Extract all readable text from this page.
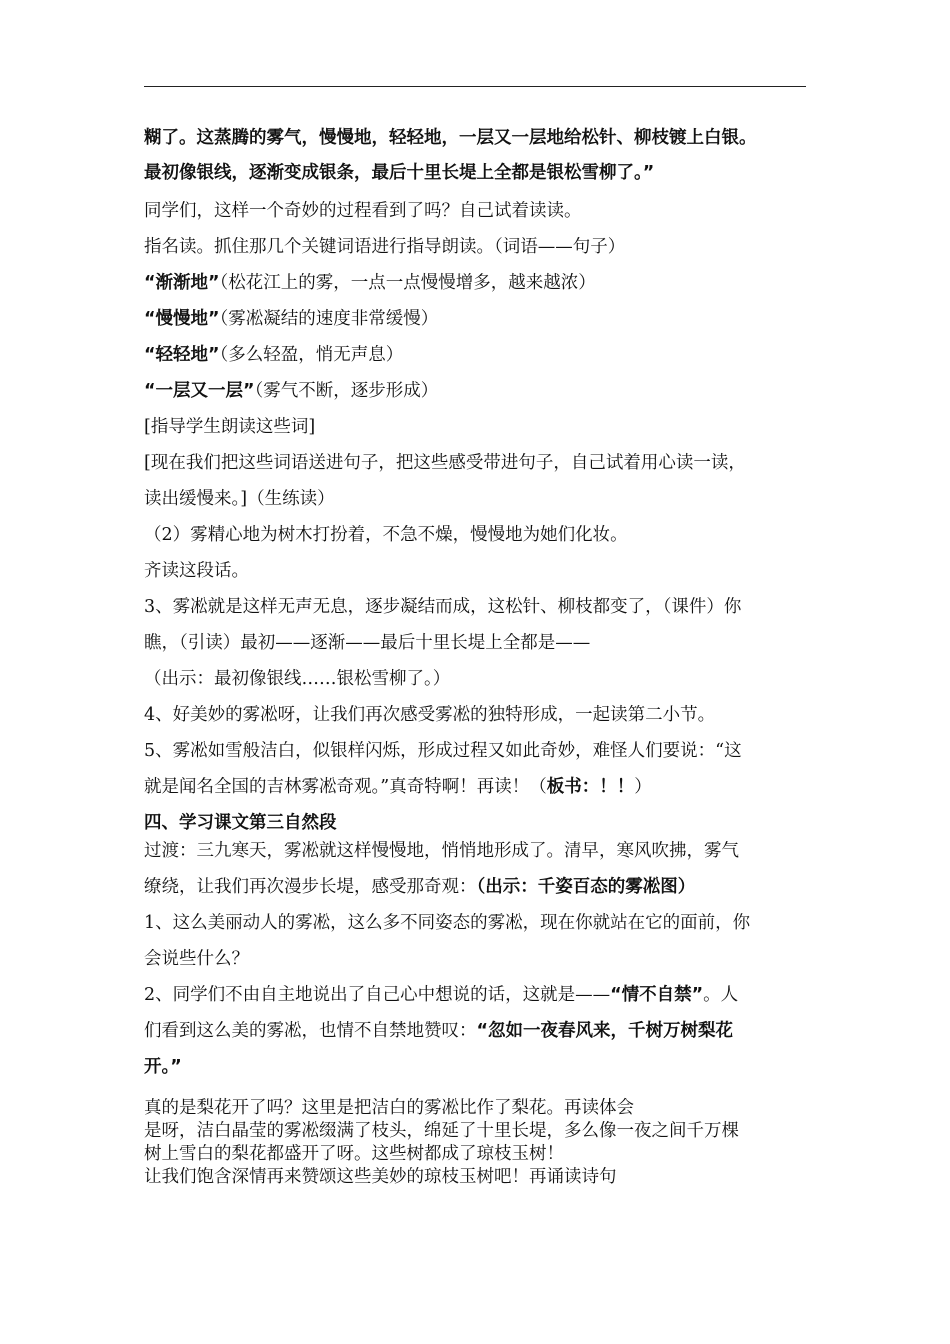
糊了。这蒸腾的雾气，慢慢地，轻轻地，一层又一层地给松针、柳枝镀上白银。
最初像银线，逐渐变成银条，最后十里长堤上全都是银松雪柳了。”
同学们，这样一个奇妙的过程看到了吗？自己试着读读。
指名读。抓住那几个关键词语进行指导朗读。（词语——句子）
“渐渐地”（松花江上的雾，一点一点慢慢增多，越来越浓）
“慢慢地”（雾凇凝结的速度非常缓慢）
“轻轻地”（多么轻盈，悄无声息）
“一层又一层”（雾气不断，逐步形成）
[指导学生朗读这些词]
[现在我们把这些词语送进句子，把这些感受带进句子，自己试着用心读一读，
读出缓慢来。]（生练读）
（2）雾精心地为树木打扮着，不急不燥，慢慢地为她们化妆。
齐读这段话。
3、雾凇就是这样无声无息，逐步凝结而成，这松针、柳枝都变了，（课件）你
瞧，（引读）最初——逐渐——最后十里长堤上全都是——
（出示：最初像银线……银松雪柳了。）
4、好美妙的雾凇呀，让我们再次感受雾凇的独特形成，一起读第二小节。
5、雾凇如雪般洁白，似银样闪烁，形成过程又如此奇妙，难怪人们要说：“这
就是闻名全国的吉林雾凇奇观。”真奇特啊！再读！（板书：！！）
四、学习课文第三自然段
过渡：三九寒天，雾凇就这样慢慢地，悄悄地形成了。清早，寒风吹拂，雾气
缭绕，让我们再次漫步长堤，感受那奇观：（出示：千姿百态的雾凇图）
1、这么美丽动人的雾凇，这么多不同姿态的雾凇，现在你就站在它的面前，你
会说些什么？
2、同学们不由自主地说出了自己心中想说的话，这就是——“情不自禁”。人
们看到这么美的雾凇，也情不自禁地赞叹：“忽如一夜春风来，千树万树梨花
开。”
真的是梨花开了吗？这里是把洁白的雾凇比作了梨花。再读体会
是呀，洁白晶莹的雾凇缀满了枝头，绵延了十里长堤，多么像一夜之间千万棵
树上雪白的梨花都盛开了呀。这些树都成了琼枝玉树！
让我们饱含深情再来赞颂这些美妙的琼枝玉树吧！再诵读诗句
